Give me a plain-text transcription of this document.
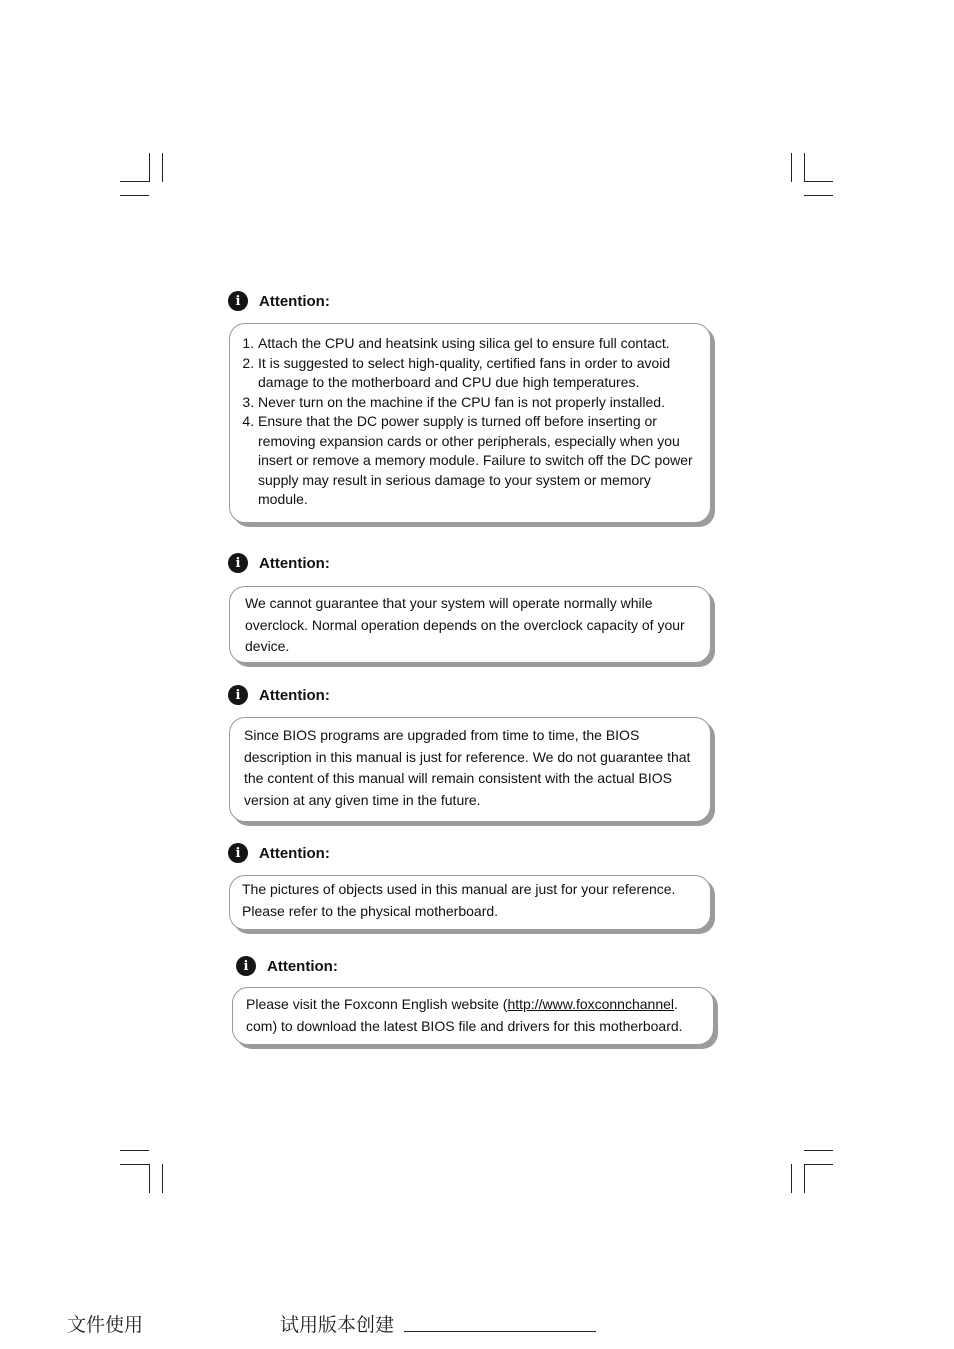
i	Attention:
1. Attach the CPU and heatsink using silica gel to ensure full contact.
2. It is suggested to select high-quality, certified fans in order to avoid damage to the motherboard and CPU due high temperatures.
3. Never turn on the machine if the CPU fan is not properly installed.
4. Ensure that the DC power supply is turned off before inserting or removing expansion cards or other peripherals, especially when you insert or remove a memory module. Failure to switch off the DC power supply may result in serious damage to your system or memory module.
i	Attention:

We cannot guarantee that your system will operate normally while overclock. Normal operation depends on the overclock capacity of your device.

i	Attention:

Since BIOS programs are upgraded from time to time, the BIOS description in this manual is just for reference. We do not guarantee that the content of this manual will remain consistent with the actual BIOS version at any given time in the future.

i	Attention:

The pictures of objects used in this manual are just for your reference. Please refer to the physical motherboard.

i	Attention:

Please visit the Foxconn English website (http://www.foxconnchannel. com) to download the latest BIOS file and drivers for this motherboard.

文件使用	试用版本创建
